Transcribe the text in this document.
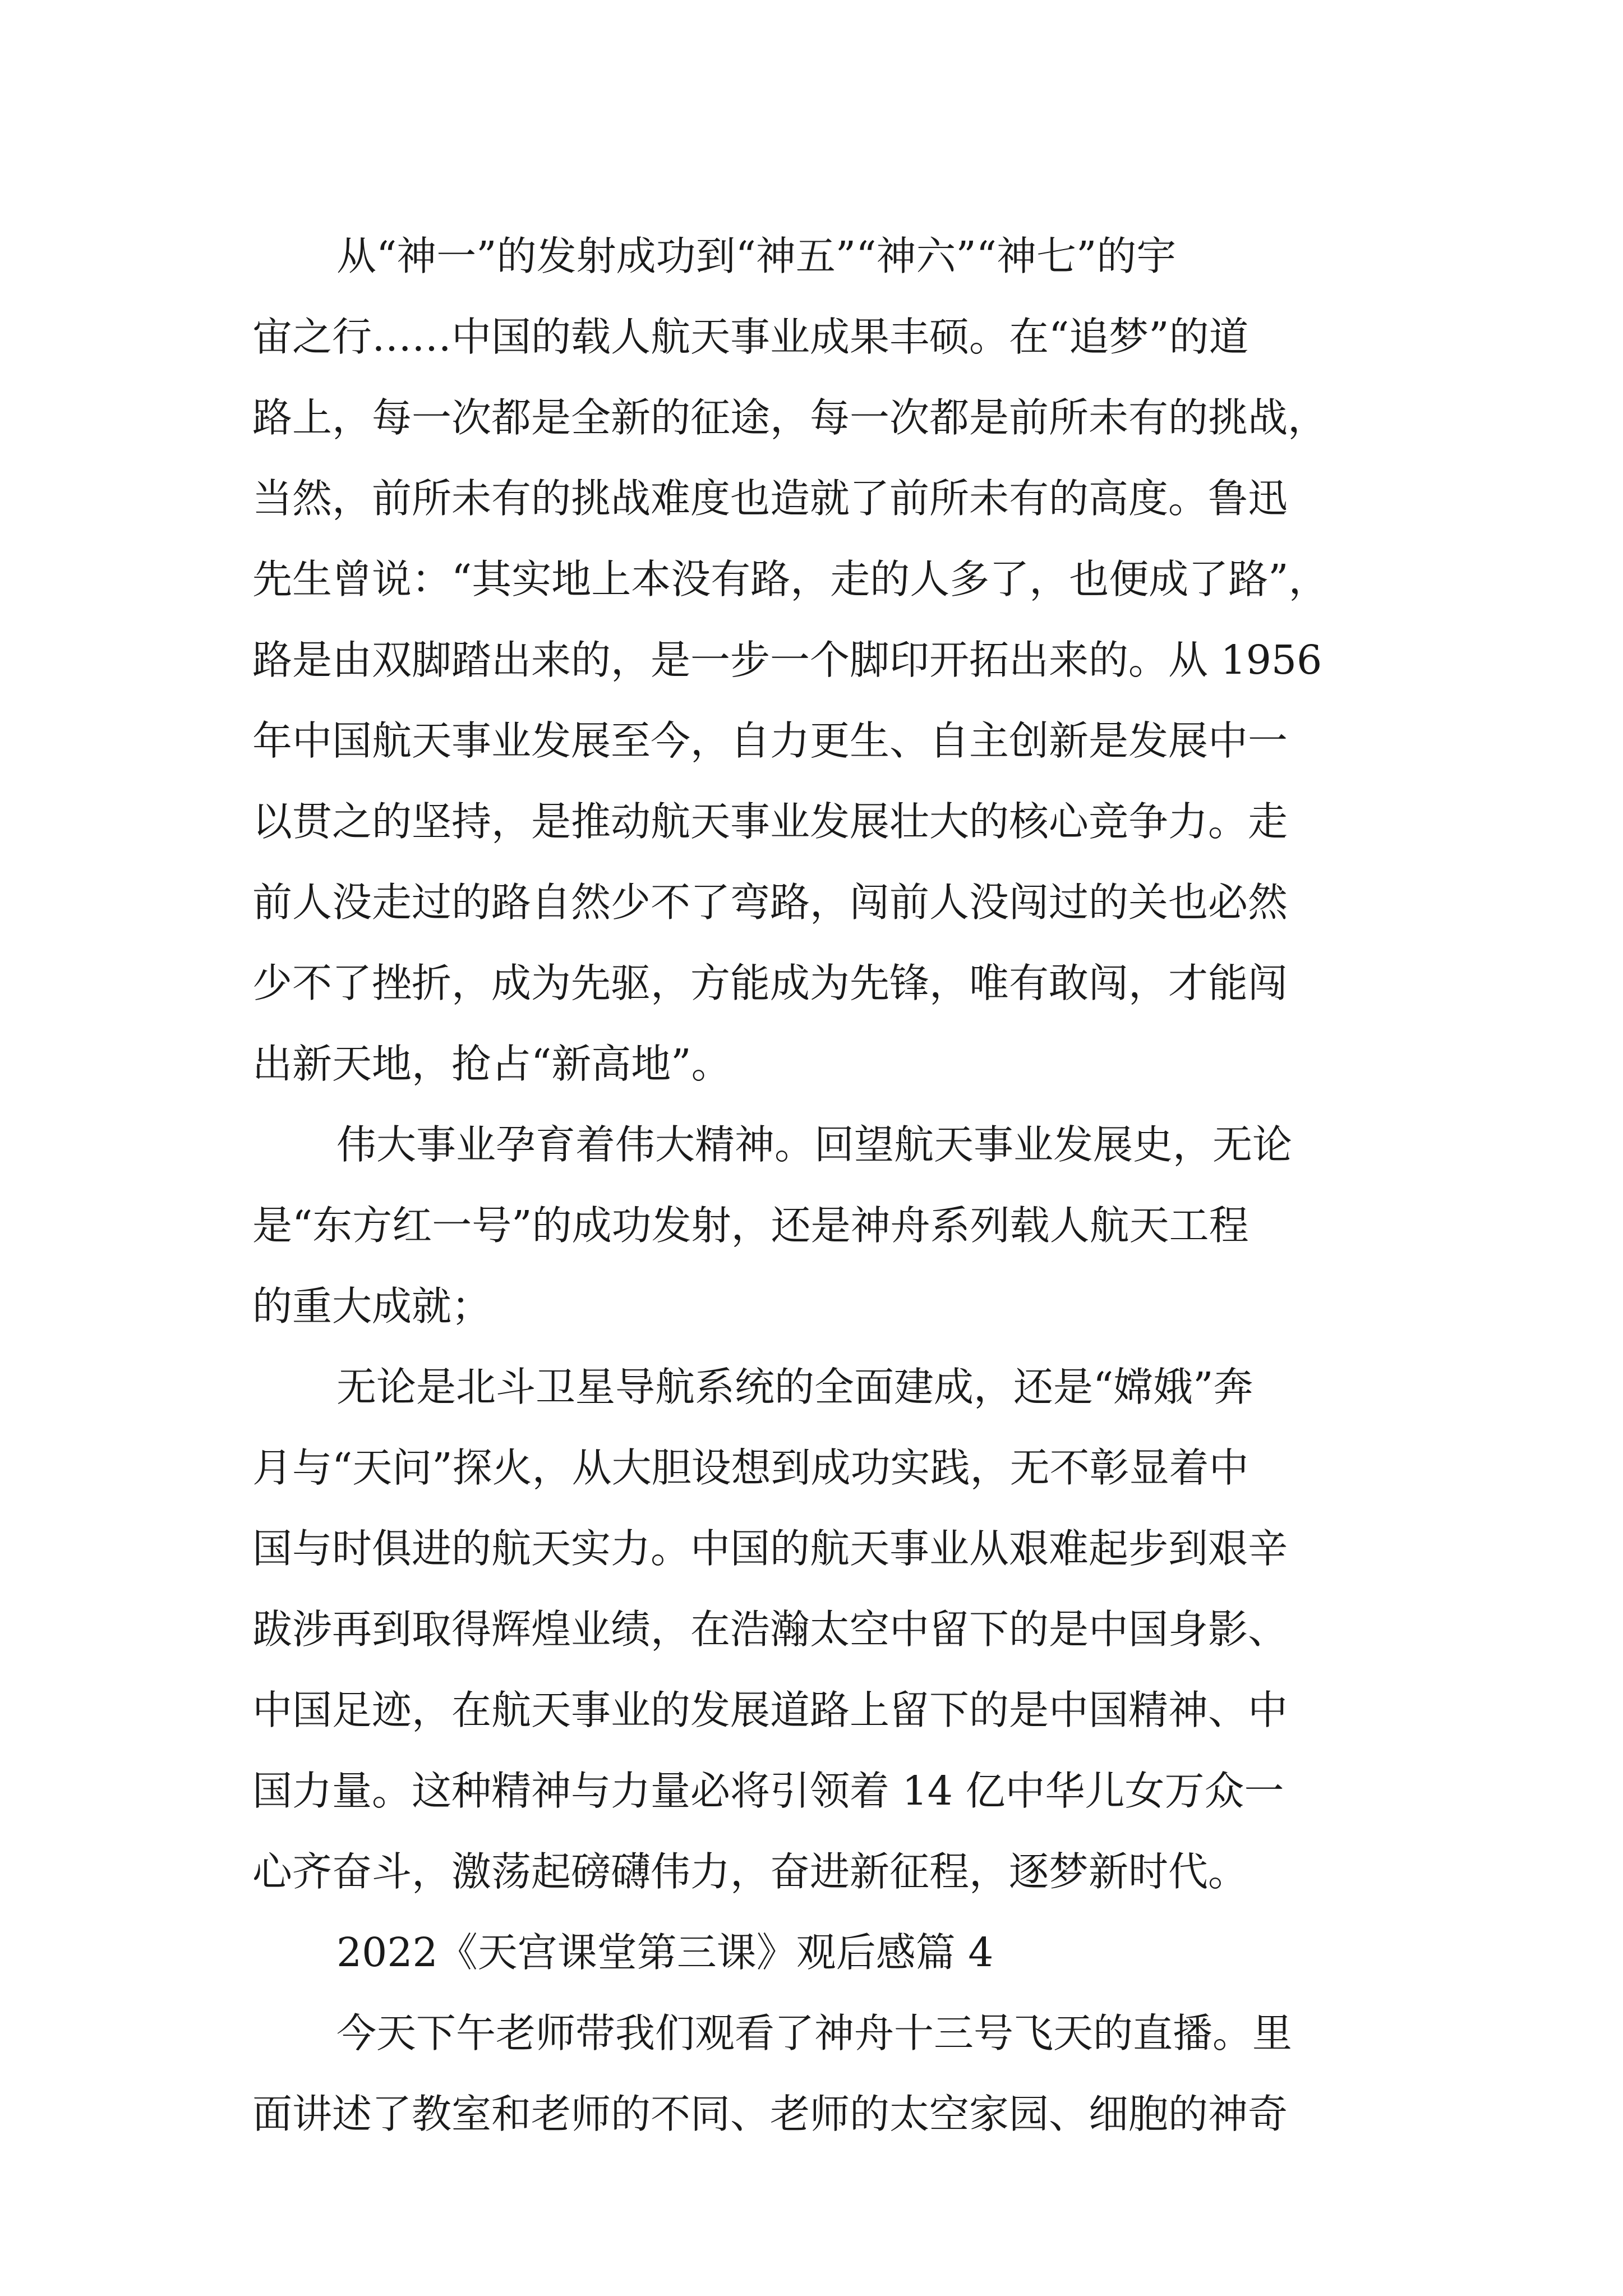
从“神一”的发射成功到“神五”“神六”“神七”的宇
宙之行……中国的载人航天事业成果丰硕。在“追梦”的道
路上，每一次都是全新的征途，每一次都是前所未有的挑战，
当然，前所未有的挑战难度也造就了前所未有的高度。鲁迅
先生曾说：“其实地上本没有路，走的人多了，也便成了路”，
路是由双脚踏出来的，是一步一个脚印开拓出来的。从 1956
年中国航天事业发展至今，自力更生、自主创新是发展中一
以贯之的坚持，是推动航天事业发展壮大的核心竞争力。走
前人没走过的路自然少不了弯路，闯前人没闯过的关也必然
少不了挫折，成为先驱，方能成为先锋，唯有敢闯，才能闯
出新天地，抢占“新高地”。
伟大事业孕育着伟大精神。回望航天事业发展史，无论
是“东方红一号”的成功发射，还是神舟系列载人航天工程
的重大成就；
无论是北斗卫星导航系统的全面建成，还是“嫦娥”奔
月与“天问”探火，从大胆设想到成功实践，无不彰显着中
国与时俱进的航天实力。中国的航天事业从艰难起步到艰辛
跋涉再到取得辉煌业绩，在浩瀚太空中留下的是中国身影、
中国足迹，在航天事业的发展道路上留下的是中国精神、中
国力量。这种精神与力量必将引领着 14 亿中华儿女万众一
心齐奋斗，激荡起磅礴伟力，奋进新征程，逐梦新时代。
2022《天宫课堂第三课》观后感篇 4
今天下午老师带我们观看了神舟十三号飞天的直播。里
面讲述了教室和老师的不同、老师的太空家园、细胞的神奇
